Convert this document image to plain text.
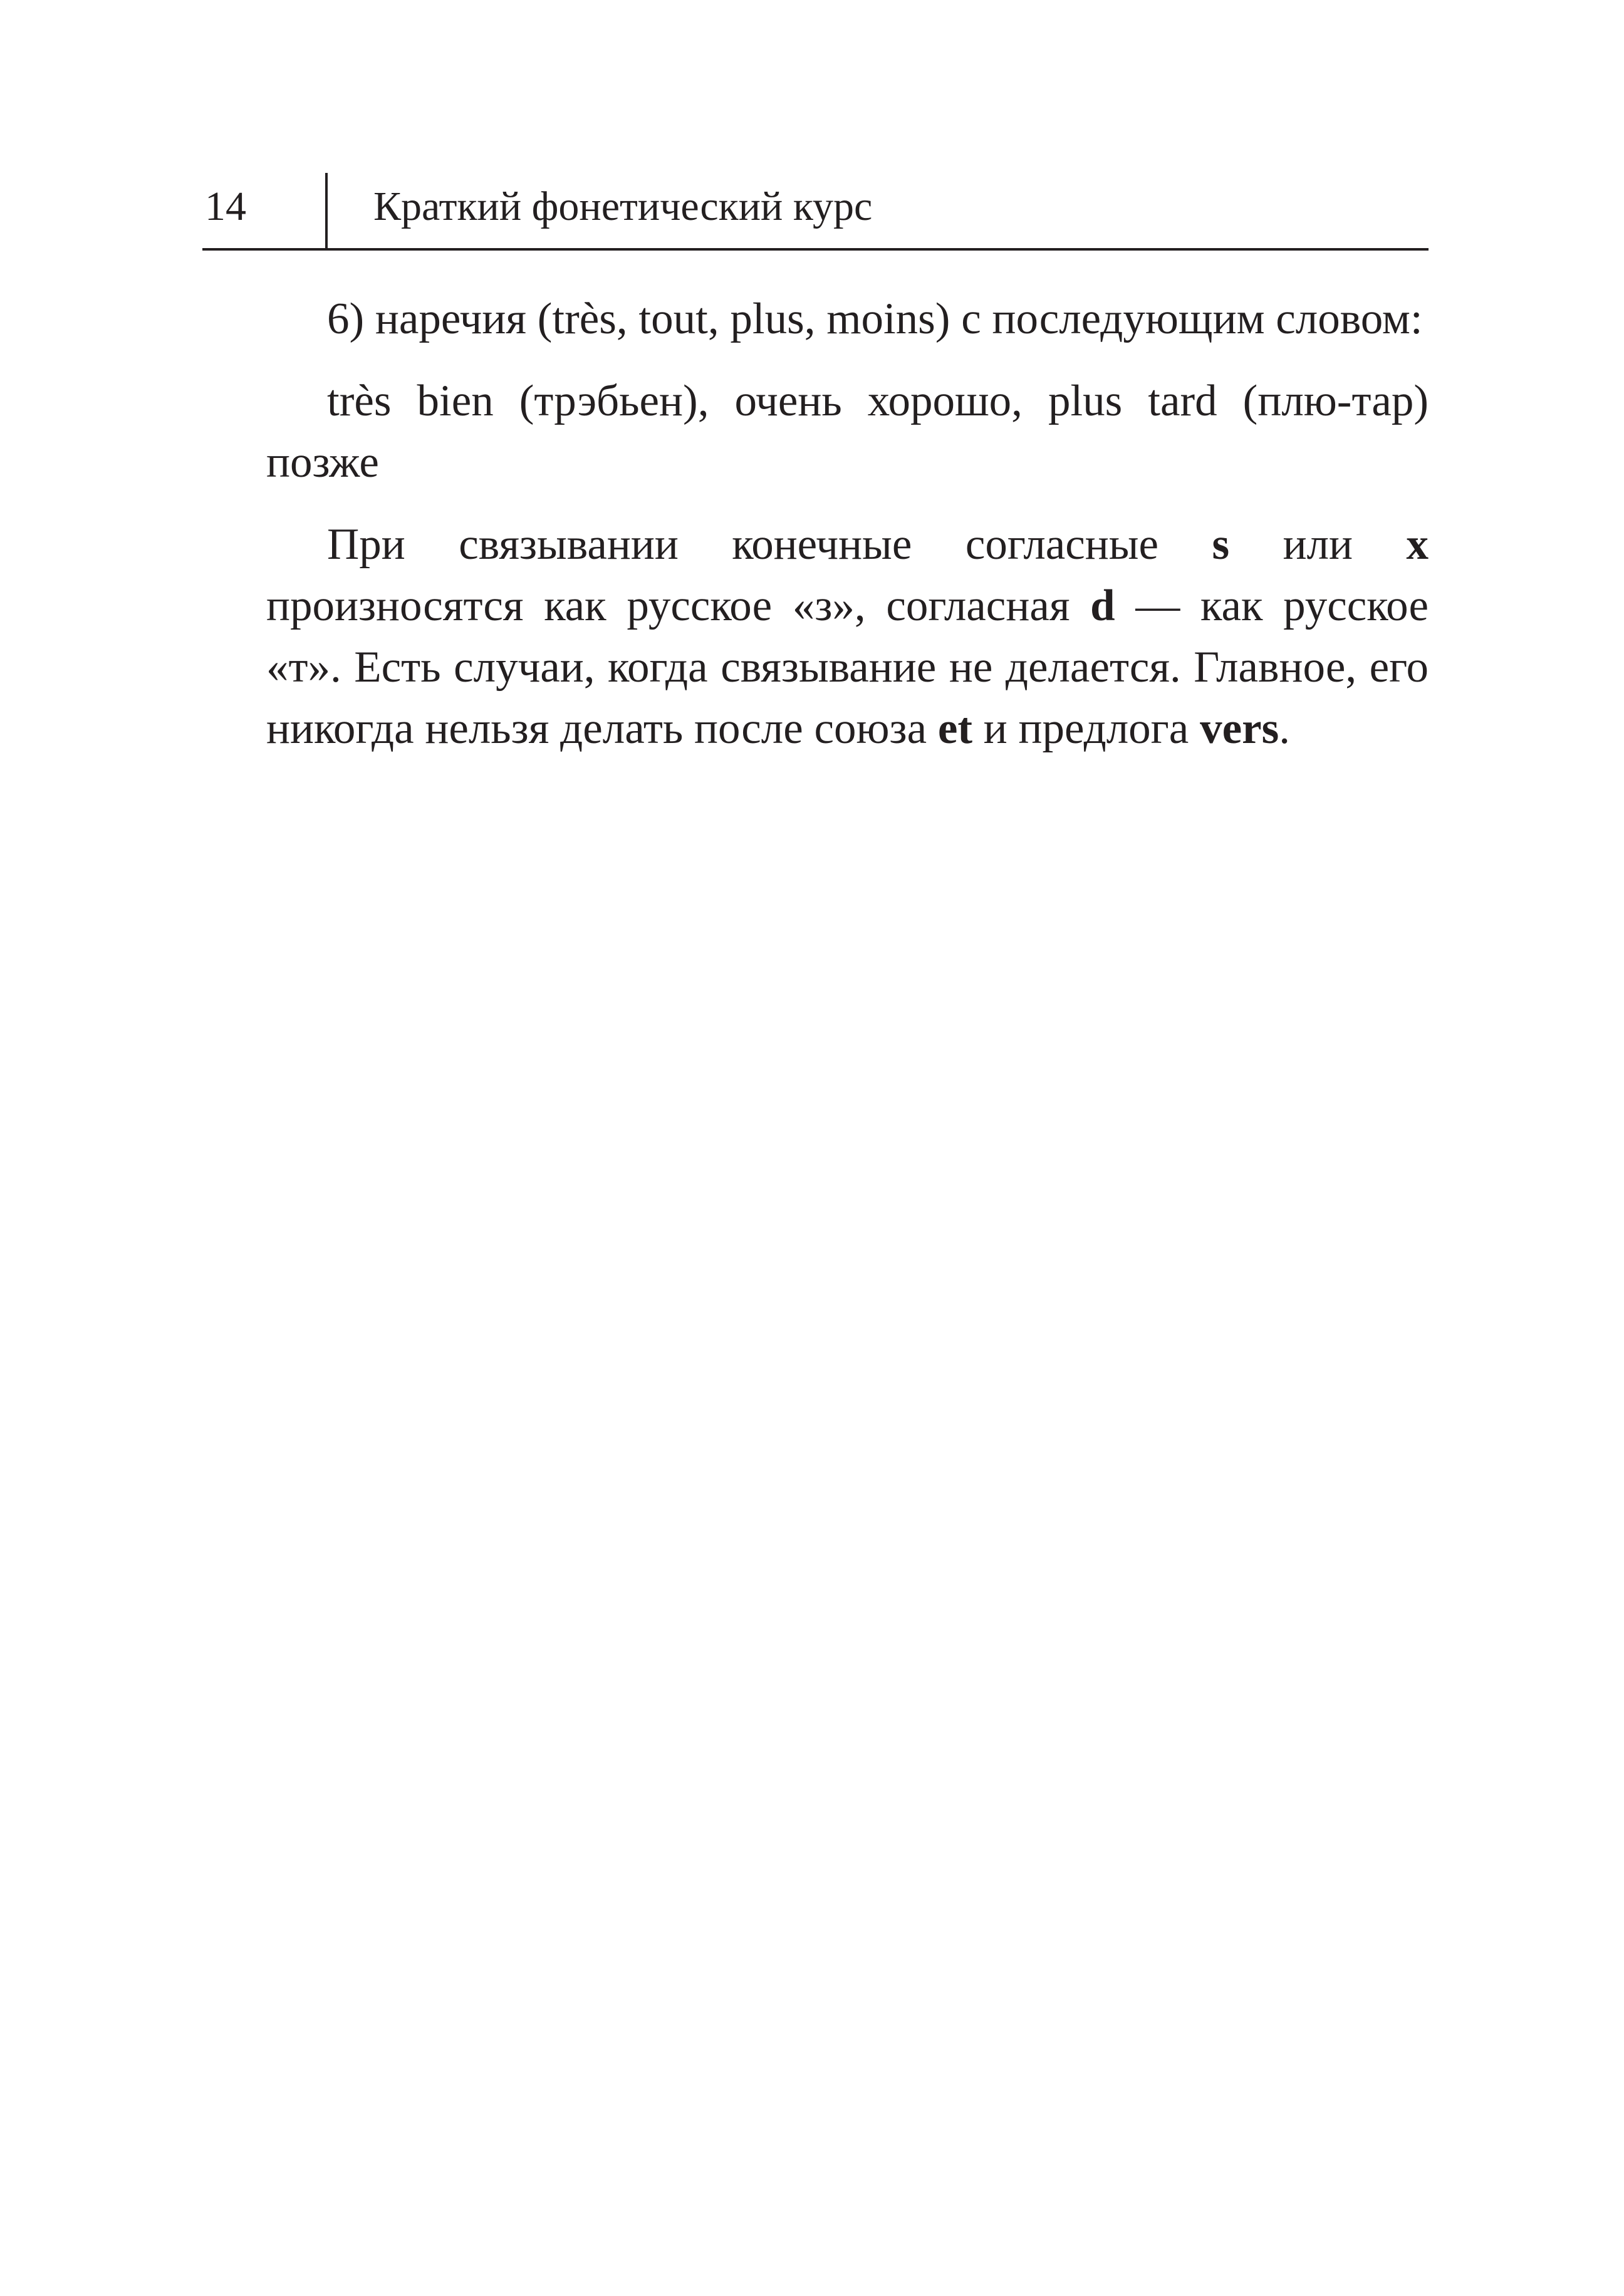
14	Краткий фонетический курс

6) наречия (très, tout, plus, moins) с последующим словом:

très bien (трэбьен), очень хорошо, plus tard (плю-тар) позже

При связывании конечные согласные s или x произносятся как русское «з», согласная d — как русское «т». Есть случаи, когда связывание не делается. Главное, его никогда нельзя делать после союза et и предлога vers.
